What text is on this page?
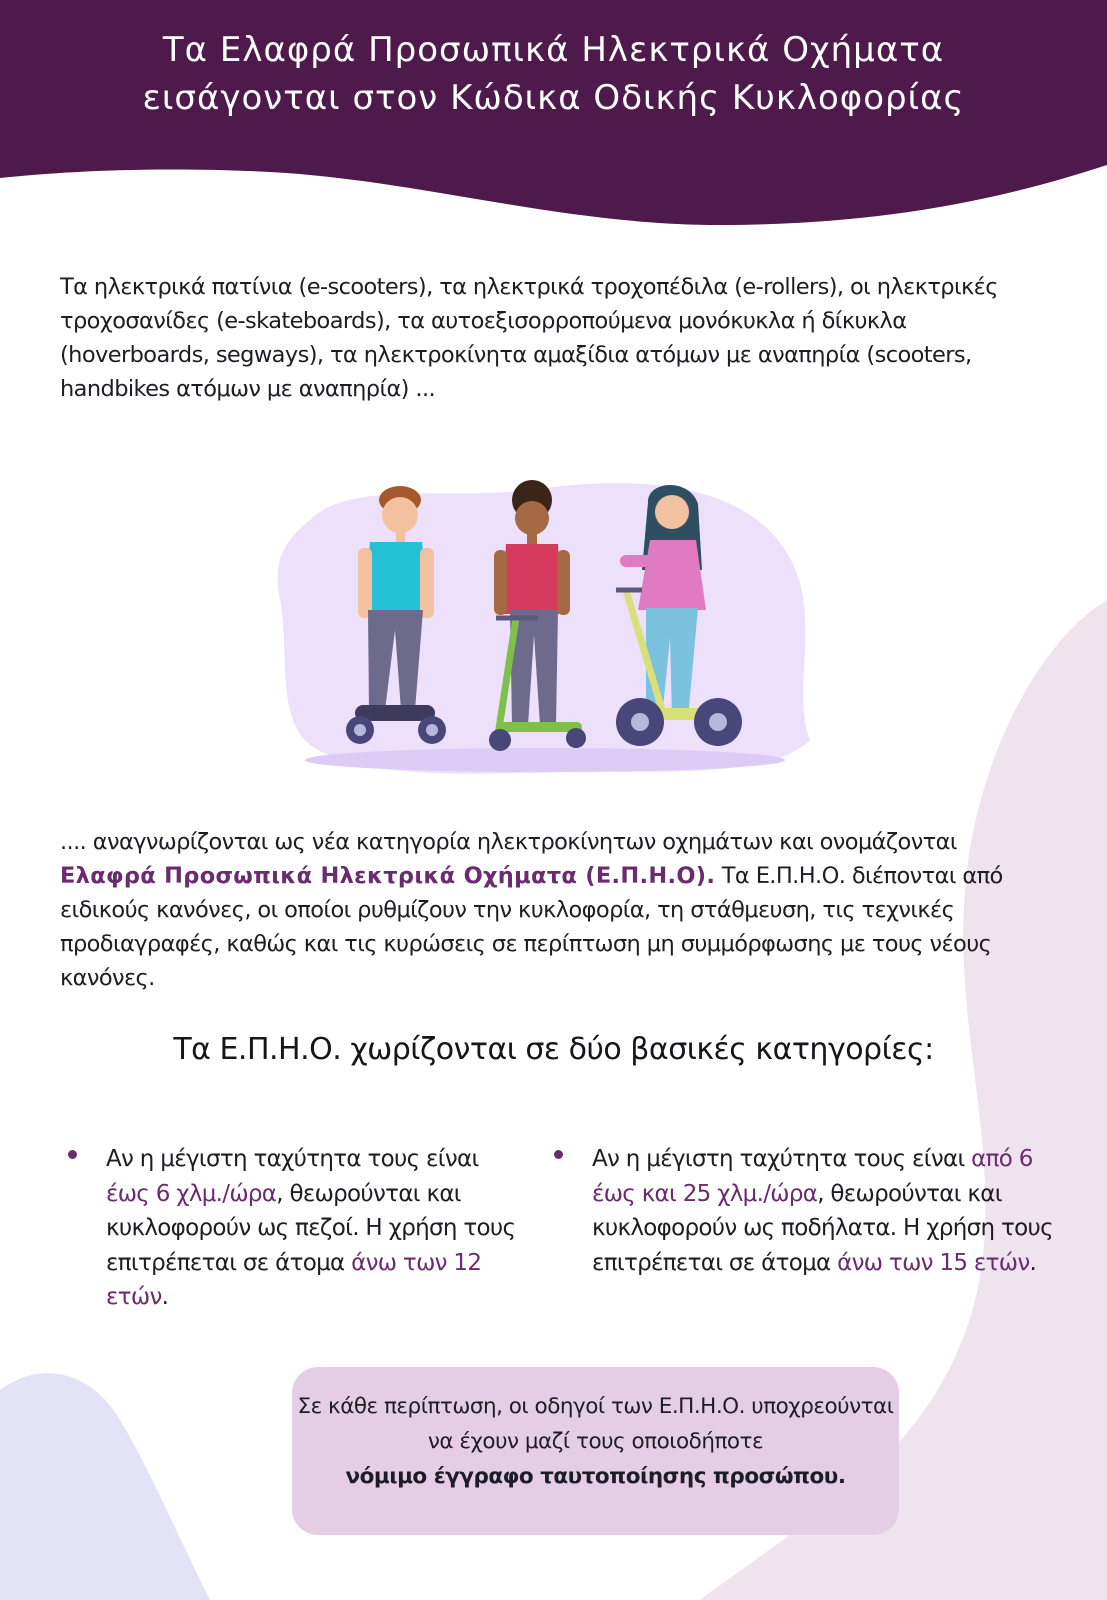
Τα Ελαφρά Προσωπικά Ηλεκτρικά Οχήματα
εισάγονται στον Κώδικα Οδικής Κυκλοφορίας

Τα ηλεκτρικά πατίνια (e-scooters), τα ηλεκτρικά τροχοπέδιλα (e-rollers), οι ηλεκτρικές τροχοσανίδες (e-skateboards), τα αυτοεξισορροπούμενα μονόκυκλα ή δίκυκλα (hoverboards, segways), τα ηλεκτροκίνητα αμαξίδια ατόμων με αναπηρία (scooters, handbikes ατόμων με αναπηρία) ...

.... αναγνωρίζονται ως νέα κατηγορία ηλεκτροκίνητων οχημάτων και ονομάζονται Ελαφρά Προσωπικά Ηλεκτρικά Οχήματα (Ε.Π.Η.Ο). Τα Ε.Π.Η.Ο. διέπονται από ειδικούς κανόνες, οι οποίοι ρυθμίζουν την κυκλοφορία, τη στάθμευση, τις τεχνικές προδιαγραφές, καθώς και τις κυρώσεις σε περίπτωση μη συμμόρφωσης με τους νέους κανόνες.

Τα Ε.Π.Η.Ο. χωρίζονται σε δύο βασικές κατηγορίες:
Αν η μέγιστη ταχύτητα τους είναι έως 6 χλμ./ώρα, θεωρούνται και κυκλοφορούν ως πεζοί. Η χρήση τους επιτρέπεται σε άτομα άνω των 12 ετών.
Αν η μέγιστη ταχύτητα τους είναι από 6 έως και 25 χλμ./ώρα, θεωρούνται και κυκλοφορούν ως ποδήλατα. Η χρήση τους επιτρέπεται σε άτομα άνω των 15 ετών.
Σε κάθε περίπτωση, οι οδηγοί των Ε.Π.Η.Ο. υποχρεούνται να έχουν μαζί τους οποιοδήποτε
νόμιμο έγγραφο ταυτοποίησης προσώπου.
